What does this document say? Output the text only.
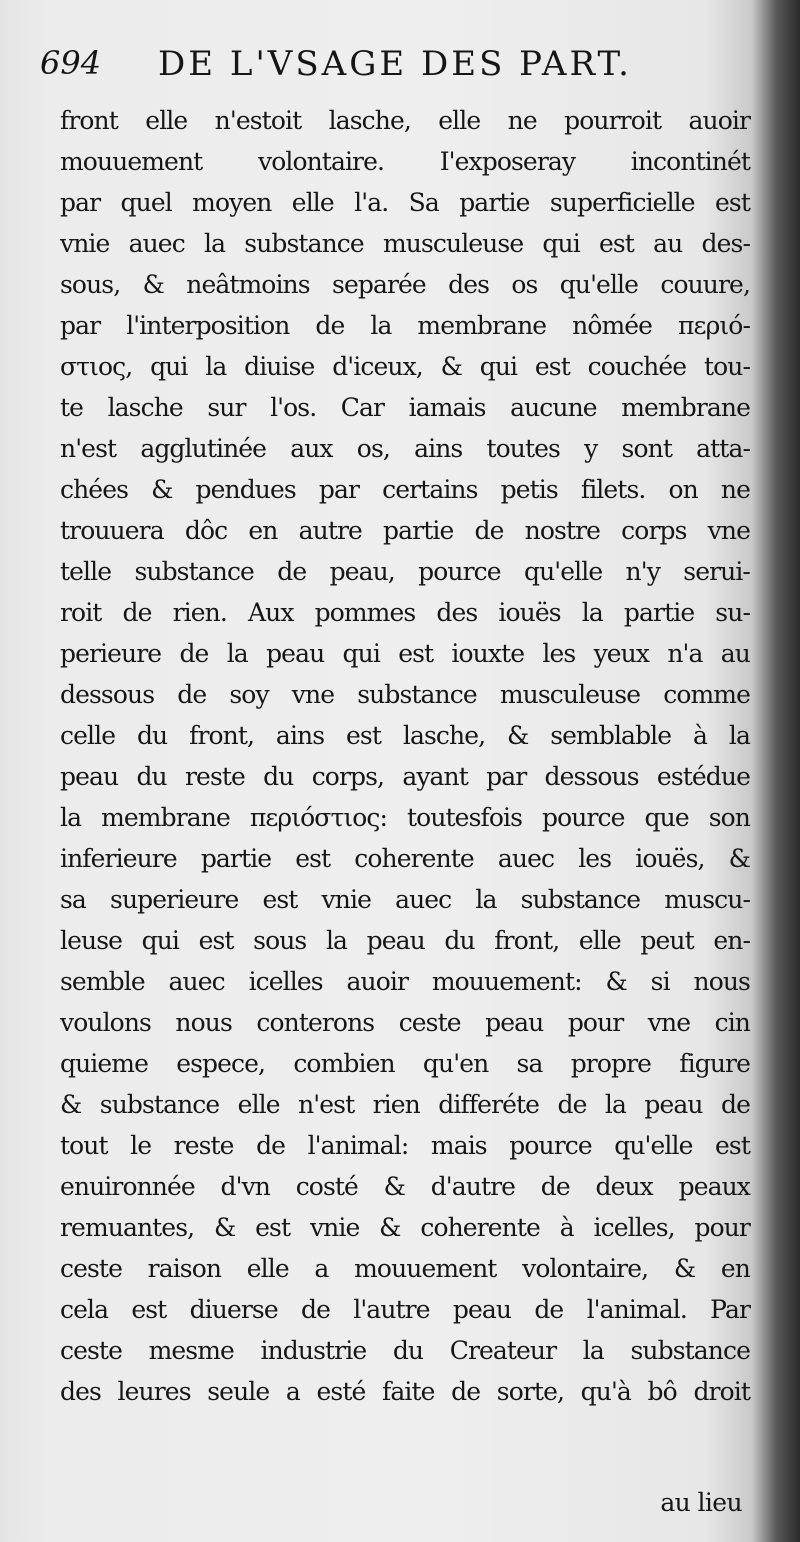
694 DE L'VSAGE DES PART.
front elle n'estoit lasche, elle ne pourroit auoir
mouuement volontaire. I'exposeray incontinét
par quel moyen elle l'a. Sa partie superficielle est
vnie auec la substance musculeuse qui est au des-
sous, & neâtmoins separée des os qu'elle couure,
par l'interposition de la membrane nômée περιό-
στιος, qui la diuise d'iceux, & qui est couchée tou-
te lasche sur l'os. Car iamais aucune membrane
n'est agglutinée aux os, ains toutes y sont atta-
chées & pendues par certains petis filets. on ne
trouuera dôc en autre partie de nostre corps vne
telle substance de peau, pource qu'elle n'y serui-
roit de rien. Aux pommes des iouës la partie su-
perieure de la peau qui est iouxte les yeux n'a au
dessous de soy vne substance musculeuse comme
celle du front, ains est lasche, & semblable à la
peau du reste du corps, ayant par dessous estédue
la membrane περιόστιος: toutesfois pource que son
inferieure partie est coherente auec les iouës, &
sa superieure est vnie auec la substance muscu-
leuse qui est sous la peau du front, elle peut en-
semble auec icelles auoir mouuement: & si nous
voulons nous conterons ceste peau pour vne cin
quieme espece, combien qu'en sa propre figure
& substance elle n'est rien differéte de la peau de
tout le reste de l'animal: mais pource qu'elle est
enuironnée d'vn costé & d'autre de deux peaux
remuantes, & est vnie & coherente à icelles, pour
ceste raison elle a mouuement volontaire, & en
cela est diuerse de l'autre peau de l'animal. Par
ceste mesme industrie du Createur la substance
des leures seule a esté faite de sorte, qu'à bô droit
au lieu
